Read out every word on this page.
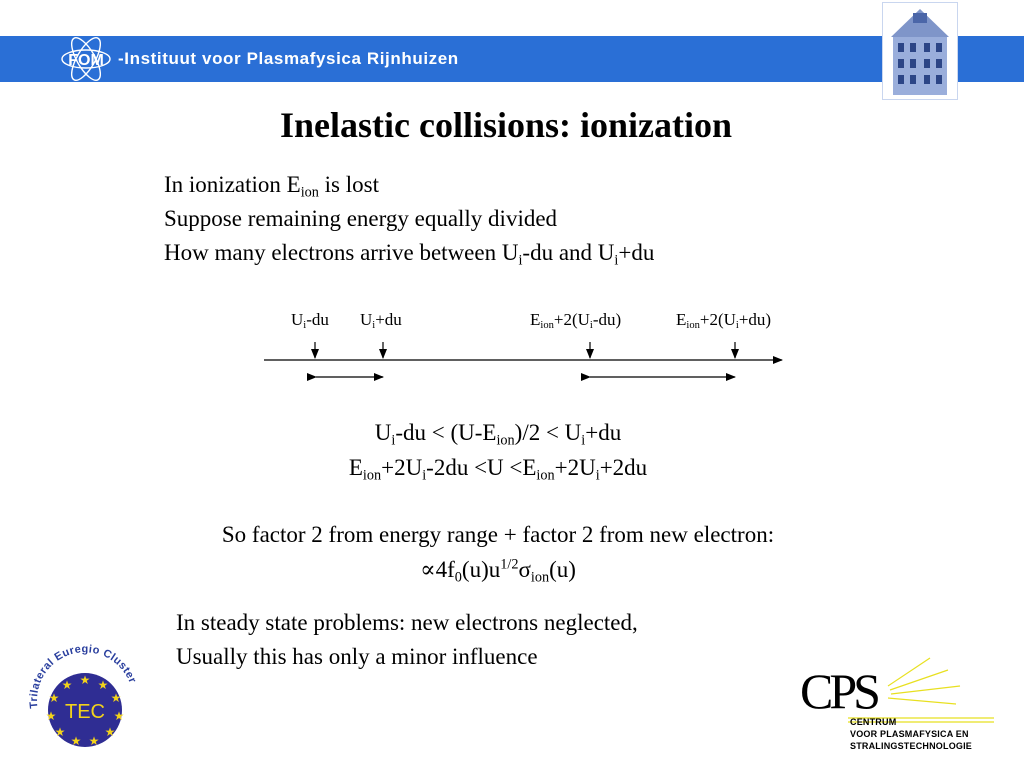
FOM -Instituut voor Plasmafysica Rijnhuizen
Inelastic collisions: ionization
In ionization $E_{ion}$ is lost
Suppose remaining energy equally divided
How many electrons arrive between $U_i-du$ and $U_i+du$
$U_i-du$ $U_i+du$	$E_{ion}+2(U_i-du)$	$E_{ion}+2(U_i+du)$
$U_i-du < (U-E_{ion})/2 < U_i+du$
$E_{ion}+2U_i-2du <U <E_{ion}+2U_i+2du$
So factor 2 from energy range + factor 2 from new electron:
$\propto 4f_0(u)u^{1/2}\sigma_{ion}(u)$
In steady state problems: new electrons neglected,
Usually this has only a minor influence
Trilateral Euregio Cluster
★ ★
★
★
★
★
★
★
★
★
★
TEC	CPS
CENTRUM
VOOR PLASMAFYSICA EN
STRALINGSTECHNOLOGIE
